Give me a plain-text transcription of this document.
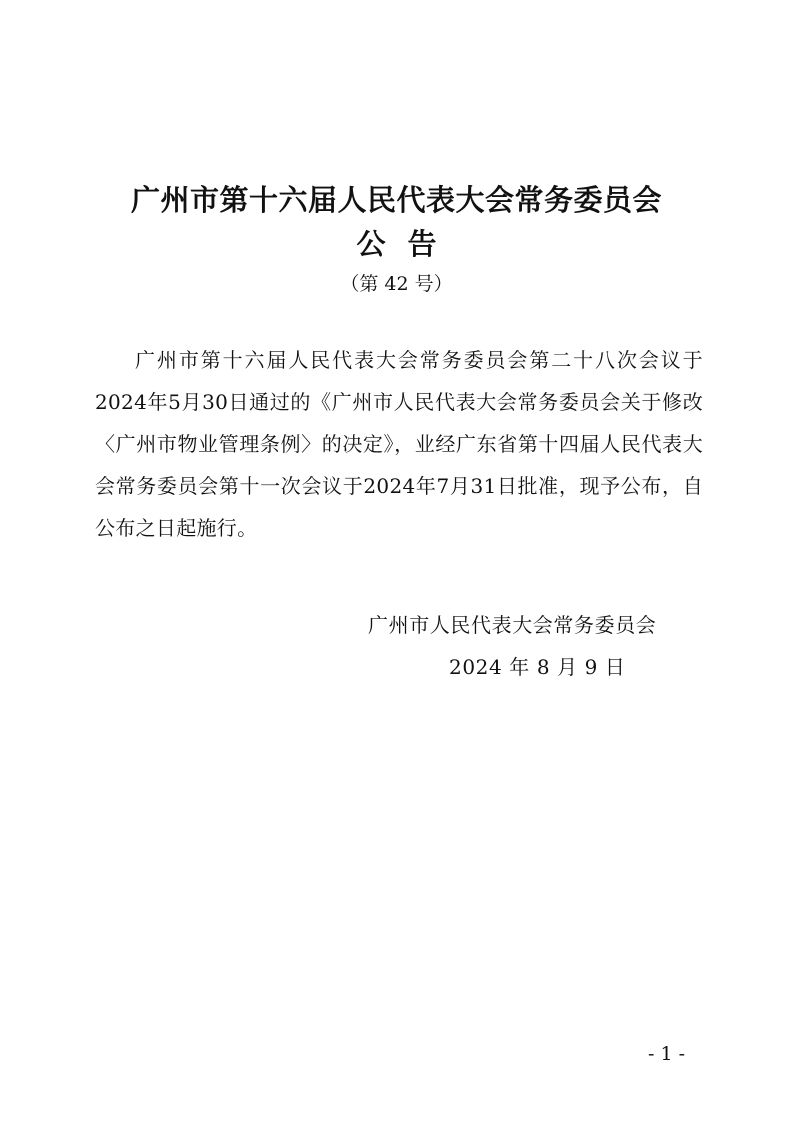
广州市第十六届人民代表大会常务委员会
公告
（第 42 号）

广州市第十六届人民代表大会常务委员会第二十八次会议于2024年5月30日通过的《广州市人民代表大会常务委员会关于修改〈广州市物业管理条例〉的决定》，业经广东省第十四届人民代表大会常务委员会第十一次会议于2024年7月31日批准，现予公布，自公布之日起施行。

广州市人民代表大会常务委员会
2024 年 8 月 9 日
- 1 -
